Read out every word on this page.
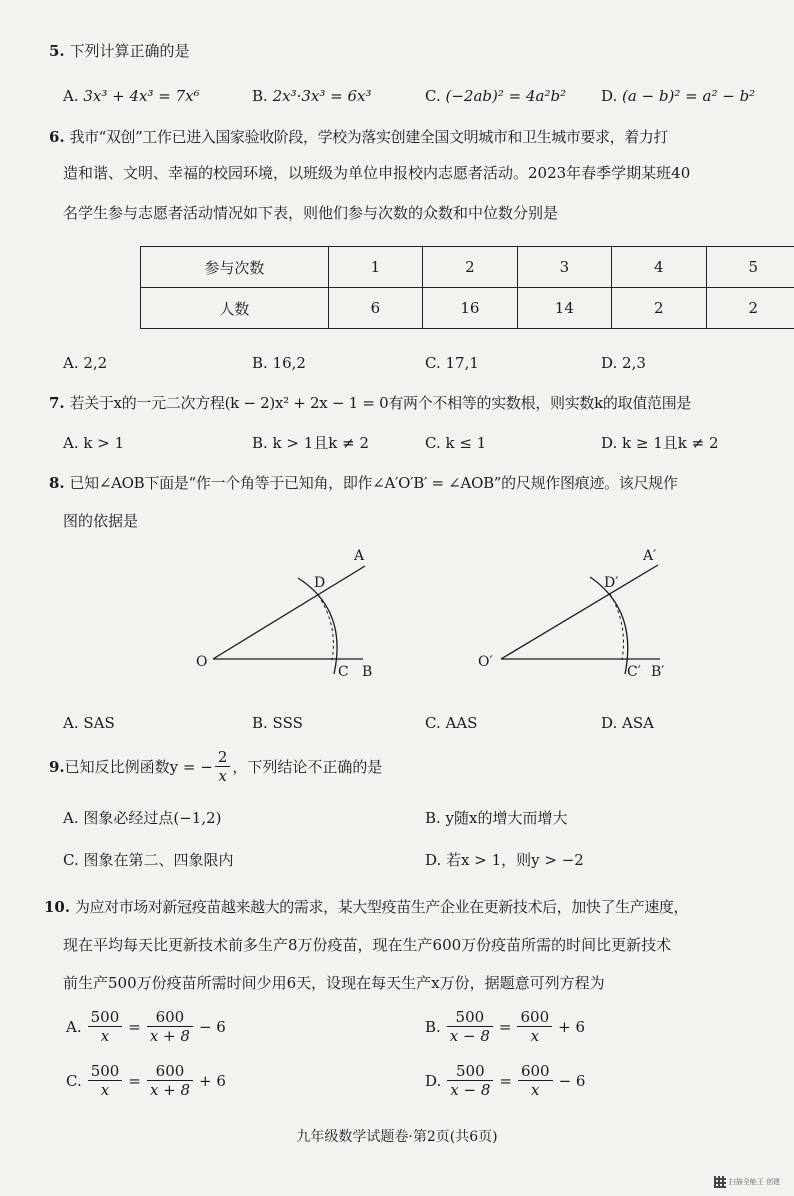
5. 下列计算正确的是
A. 3x³ + 4x³ = 7x⁶	B. 2x³·3x³ = 6x³	C. (−2ab)² = 4a²b² D. (a − b)² = a² − b²
6. 我市“双创”工作已进入国家验收阶段，学校为落实创建全国文明城市和卫生城市要求，着力打
造和谐、文明、幸福的校园环境，以班级为单位申报校内志愿者活动。2023年春季学期某班40
名学生参与志愿者活动情况如下表，则他们参与次数的众数和中位数分别是
参与次数	1	2	3	4	5
人数	6	16	14	2	2
A. 2,2	B. 16,2	C. 17,1	D. 2,3
7. 若关于x的一元二次方程(k − 2)x² + 2x − 1 = 0有两个不相等的实数根，则实数k的取值范围是
A. k > 1	B. k > 1且k ≠ 2	C. k ≤ 1	D. k ≥ 1且k ≠ 2
8. 已知∠AOB下面是“作一个角等于已知角，即作∠A′O′B′ = ∠AOB”的尺规作图痕迹。该尺规作
图的依据是
O
A
B
C
D
O′
A′
B′
C′
D′
A. SAS	B. SSS	C. AAS	D. ASA
9. 已知反比例函数y = − $\frac{2}{x}$ ，下列结论不正确的是
A. 图象必经过点(−1,2)	B. y随x的增大而增大
C. 图象在第二、四象限内	D. 若x > 1，则y > −2
10. 为应对市场对新冠疫苗越来越大的需求，某大型疫苗生产企业在更新技术后，加快了生产速度，
现在平均每天比更新技术前多生产8万份疫苗，现在生产600万份疫苗所需的时间比更新技术
前生产500万份疫苗所需时间少用6天，设现在每天生产x万份，据题意可列方程为
A. $\frac{500}{x} = \frac{600}{x + 8} - 6$	B. $\frac{500}{x - 8} = \frac{600}{x} + 6$
C. $\frac{500}{x} = \frac{600}{x + 8} + 6$	D. $\frac{500}{x - 8} = \frac{600}{x} - 6$
九年级数学试题卷·第2页(共6页)
扫描全能王 创建
